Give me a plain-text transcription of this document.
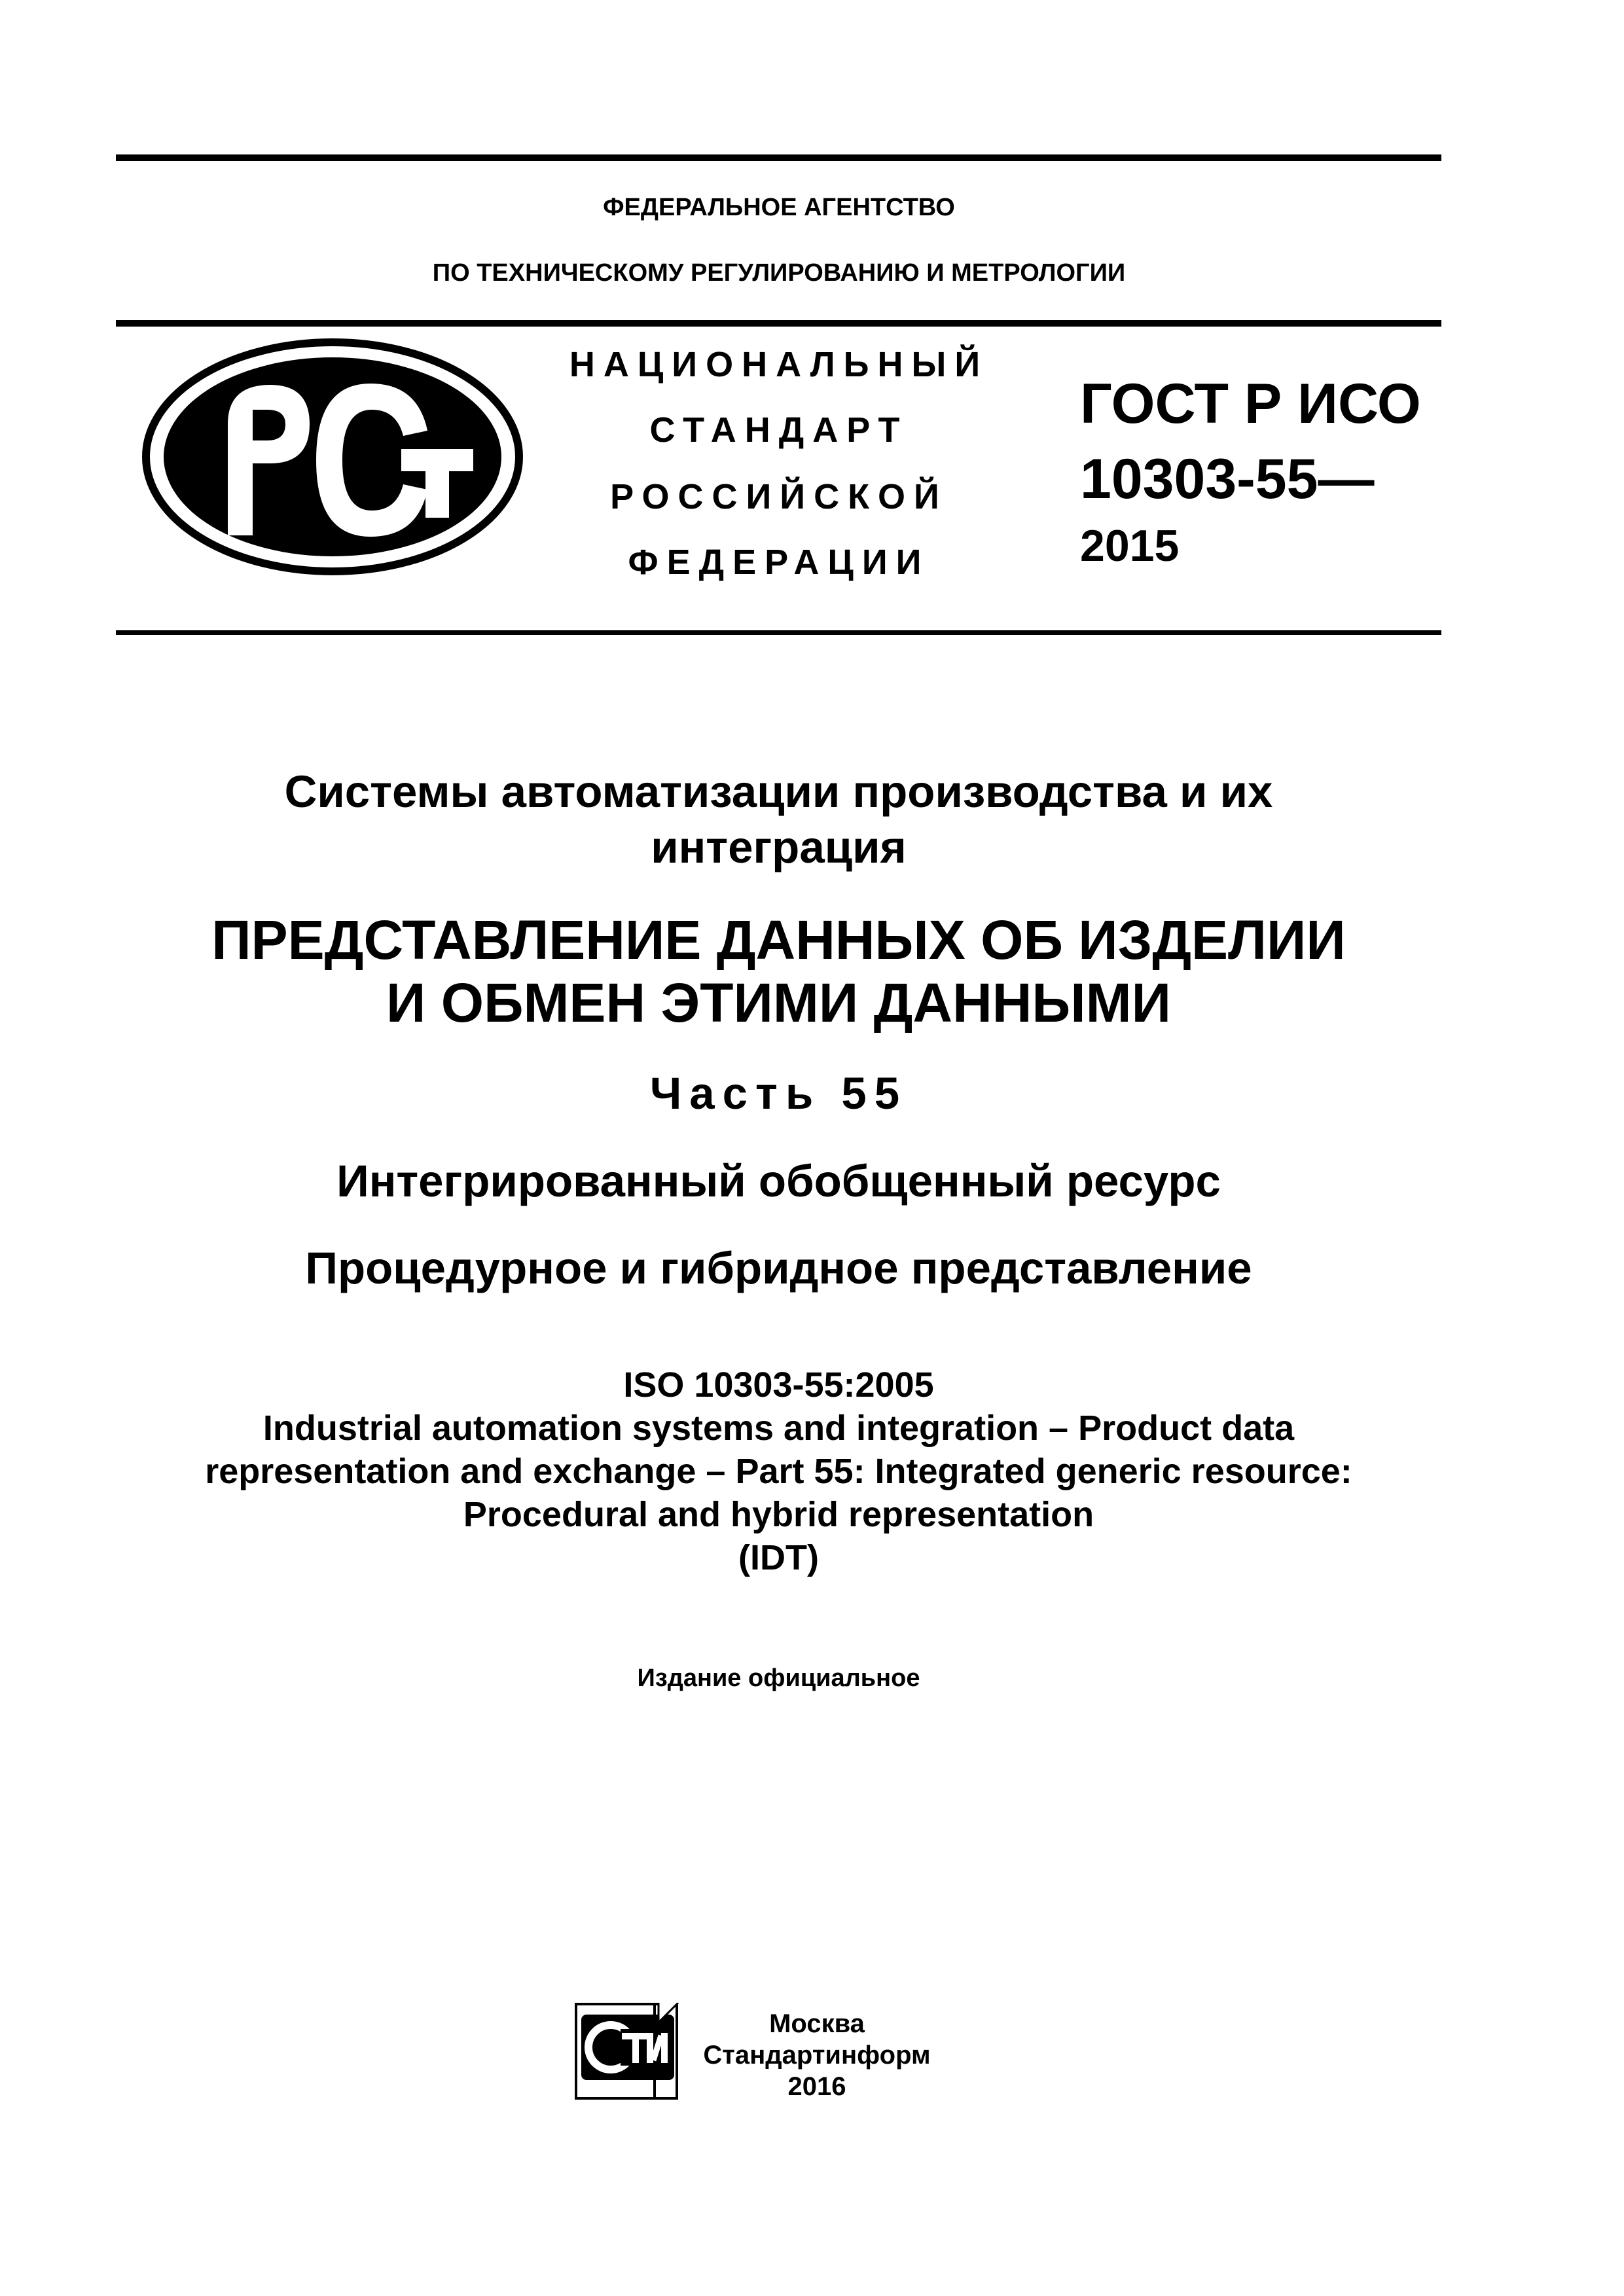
ФЕДЕРАЛЬНОЕ АГЕНТСТВО
ПО ТЕХНИЧЕСКОМУ РЕГУЛИРОВАНИЮ И МЕТРОЛОГИИ
НАЦИОНАЛЬНЫЙ
СТАНДАРТ
РОССИЙСКОЙ
ФЕДЕРАЦИИ
ГОСТ Р ИСО
10303-55—
2015
Системы автоматизации производства и их
интеграция
ПРЕДСТАВЛЕНИЕ ДАННЫХ ОБ ИЗДЕЛИИ
И ОБМЕН ЭТИМИ ДАННЫМИ
Часть 55
Интегрированный обобщенный ресурс
Процедурное и гибридное представление
ISO 10303-55:2005
Industrial automation systems and integration – Product data
representation and exchange – Part 55: Integrated generic resource:
Procedural and hybrid representation
(IDT)
Издание официальное
Москва
Стандартинформ
2016
